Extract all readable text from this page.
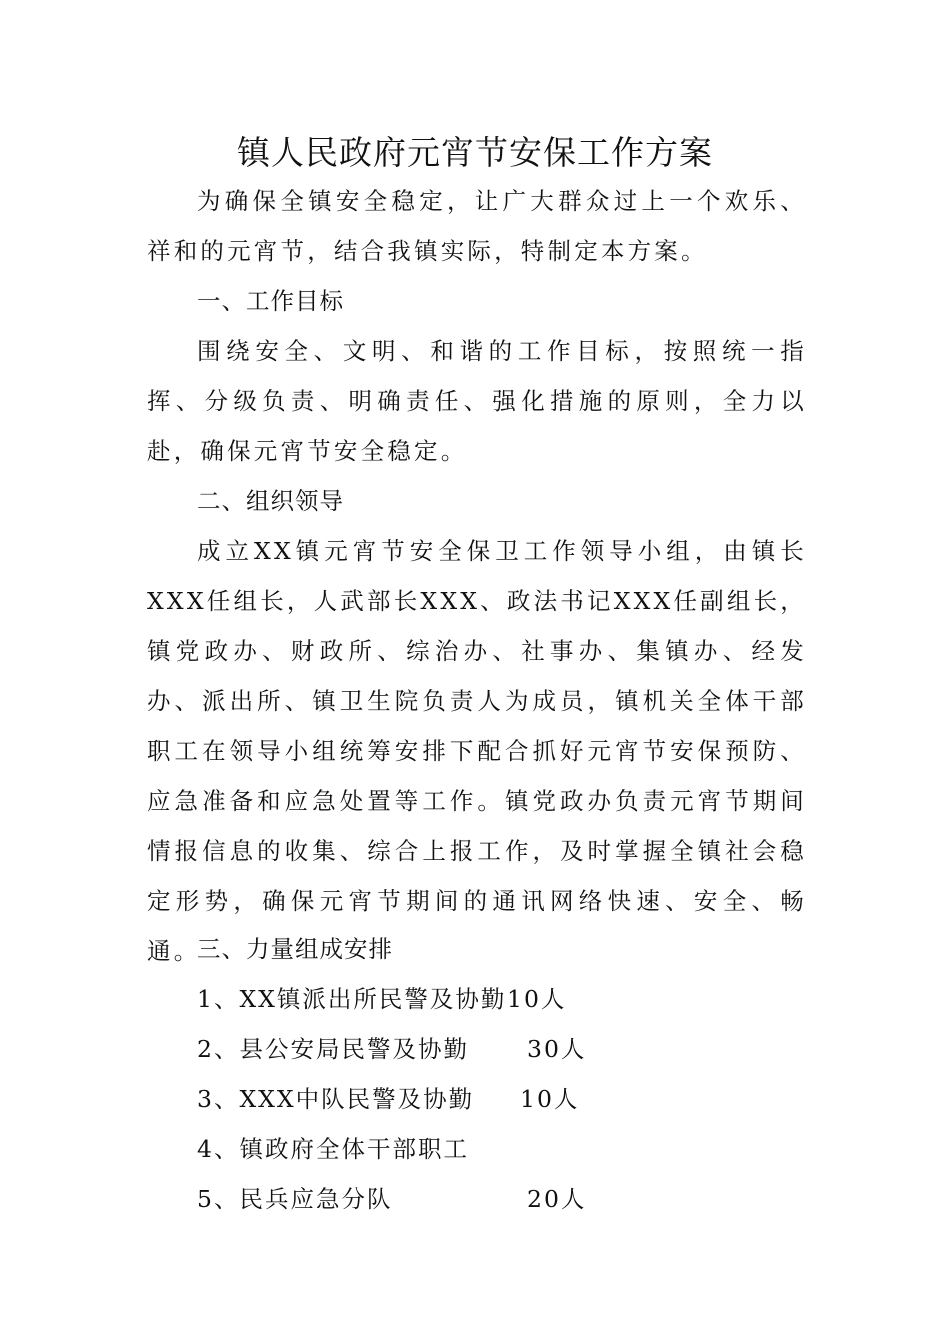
镇人民政府元宵节安保工作方案

为确保全镇安全稳定，让广大群众过上一个欢乐、祥和的元宵节，结合我镇实际，特制定本方案。

一、工作目标

围绕安全、文明、和谐的工作目标，按照统一指挥、分级负责、明确责任、强化措施的原则，全力以赴，确保元宵节安全稳定。

二、组织领导

成立XX镇元宵节安全保卫工作领导小组，由镇长XXX任组长，人武部长XXX、政法书记XXX任副组长，镇党政办、财政所、综治办、社事办、集镇办、经发办、派出所、镇卫生院负责人为成员，镇机关全体干部职工在领导小组统筹安排下配合抓好元宵节安保预防、应急准备和应急处置等工作。镇党政办负责元宵节期间情报信息的收集、综合上报工作，及时掌握全镇社会稳定形势，确保元宵节期间的通讯网络快速、安全、畅通。

三、力量组成安排

1、XX镇派出所民警及协勤 10人

2、县公安局民警及协勤 30人

3、XXX中队民警及协勤 10人

4、镇政府全体干部职工

5、民兵应急分队	20人
